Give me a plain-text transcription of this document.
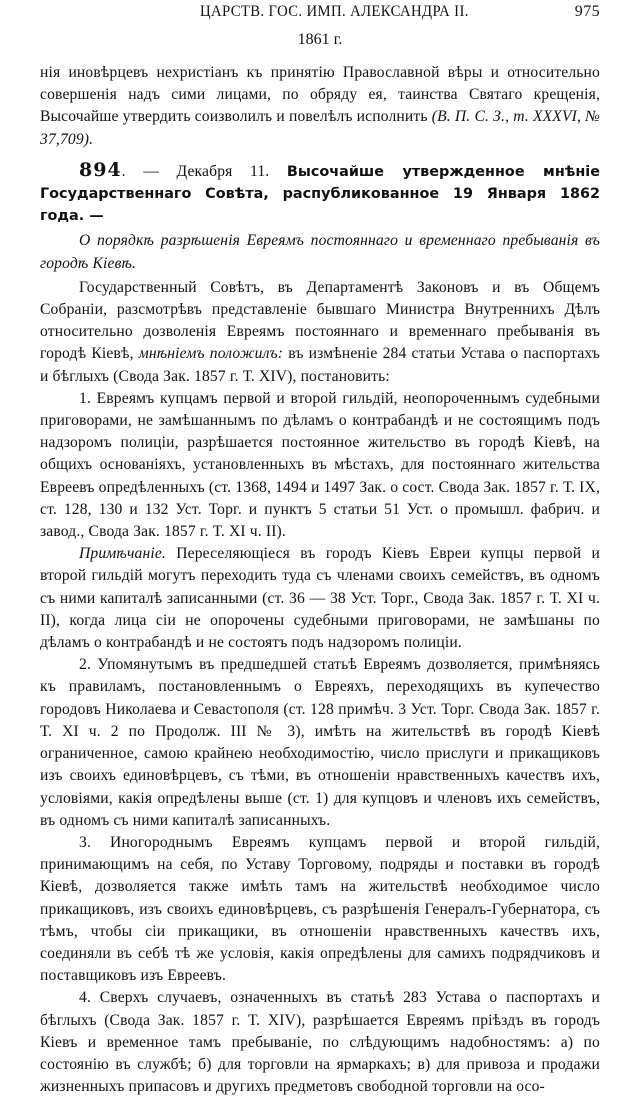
ЦАРСТВ. ГОС. ИМП. АЛЕКСАНДРА II.	975
1861 г.

нія иновѣрцевъ нехристіанъ къ принятію Православной вѣры и относительно совершенія надъ сими лицами, по обряду ея, таинства Святаго крещенія, Высочайше утвердить соизволилъ и повелѣлъ исполнить (В. П. С. З., т. XXXVI, № 37,709).

894. — Декабря 11. Высочайше утвержденное мнѣніе Государственнаго Совѣта, распубликованное 19 Января 1862 года. —

О порядкѣ разрѣшенія Евреямъ постояннаго и временнаго пребыванія въ городѣ Кіевѣ.

Государственный Совѣтъ, въ Департаментѣ Законовъ и въ Общемъ Собраніи, разсмотрѣвъ представленіе бывшаго Министра Внутреннихъ Дѣлъ относительно дозволенія Евреямъ постояннаго и временнаго пребыванія въ городѣ Кіевѣ, мнѣніемъ положилъ: въ измѣненіе 284 статьи Устава о паспортахъ и бѣглыхъ (Свода Зак. 1857 г. Т. XIV), постановить:

1. Евреямъ купцамъ первой и второй гильдій, неопороченнымъ судебными приговорами, не замѣшаннымъ по дѣламъ о контрабандѣ и не состоящимъ подъ надзоромъ полиціи, разрѣшается постоянное жительство въ городѣ Кіевѣ, на общихъ основаніяхъ, установленныхъ въ мѣстахъ, для постояннаго жительства Евреевъ опредѣленныхъ (ст. 1368, 1494 и 1497 Зак. о сост. Свода Зак. 1857 г. Т. IX, ст. 128, 130 и 132 Уст. Торг. и пунктъ 5 статьи 51 Уст. о промышл. фабрич. и завод., Свода Зак. 1857 г. Т. XI ч. II).

Примѣчаніе. Переселяющіеся въ городъ Кіевъ Евреи купцы первой и второй гильдій могутъ переходить туда съ членами своихъ семействъ, въ одномъ съ ними капиталѣ записанными (ст. 36 — 38 Уст. Торг., Свода Зак. 1857 г. Т. XI ч. II), когда лица сіи не опорочены судебными приговорами, не замѣшаны по дѣламъ о контрабандѣ и не состоятъ подъ надзоромъ полиціи.

2. Упомянутымъ въ предшедшей статьѣ Евреямъ дозволяется, примѣняясь къ правиламъ, постановленнымъ о Евреяхъ, переходящихъ въ купечество городовъ Николаева и Севастополя (ст. 128 примѣч. 3 Уст. Торг. Свода Зак. 1857 г. Т. XI ч. 2 по Продолж. III № 3), имѣть на жительствѣ въ городѣ Кіевѣ ограниченное, самою крайнею необходимостію, число прислуги и прикащиковъ изъ своихъ единовѣрцевъ, съ тѣми, въ отношеніи нравственныхъ качествъ ихъ, условіями, какія опредѣлены выше (ст. 1) для купцовъ и членовъ ихъ семействъ, въ одномъ съ ними капиталѣ записанныхъ.

3. Иногороднымъ Евреямъ купцамъ первой и второй гильдій, принимающимъ на себя, по Уставу Торговому, подряды и поставки въ городѣ Кіевѣ, дозволяется также имѣть тамъ на жительствѣ необходимое число прикащиковъ, изъ своихъ единовѣрцевъ, съ разрѣшенія Генералъ-Губернатора, съ тѣмъ, чтобы сіи прикащики, въ отношеніи нравственныхъ качествъ ихъ, соединяли въ себѣ тѣ же условія, какія опредѣлены для самихъ подрядчиковъ и поставщиковъ изъ Евреевъ.

4. Сверхъ случаевъ, означенныхъ въ статьѣ 283 Устава о паспортахъ и бѣглыхъ (Свода Зак. 1857 г. Т. XIV), разрѣшается Евреямъ пріѣздъ въ городъ Кіевъ и временное тамъ пребываніе, по слѣдующимъ надобностямъ: а) по состоянію въ службѣ; б) для торговли на ярмаркахъ; в) для привоза и продажи жизненныхъ припасовъ и другихъ предметовъ свободной торговли на осо-
